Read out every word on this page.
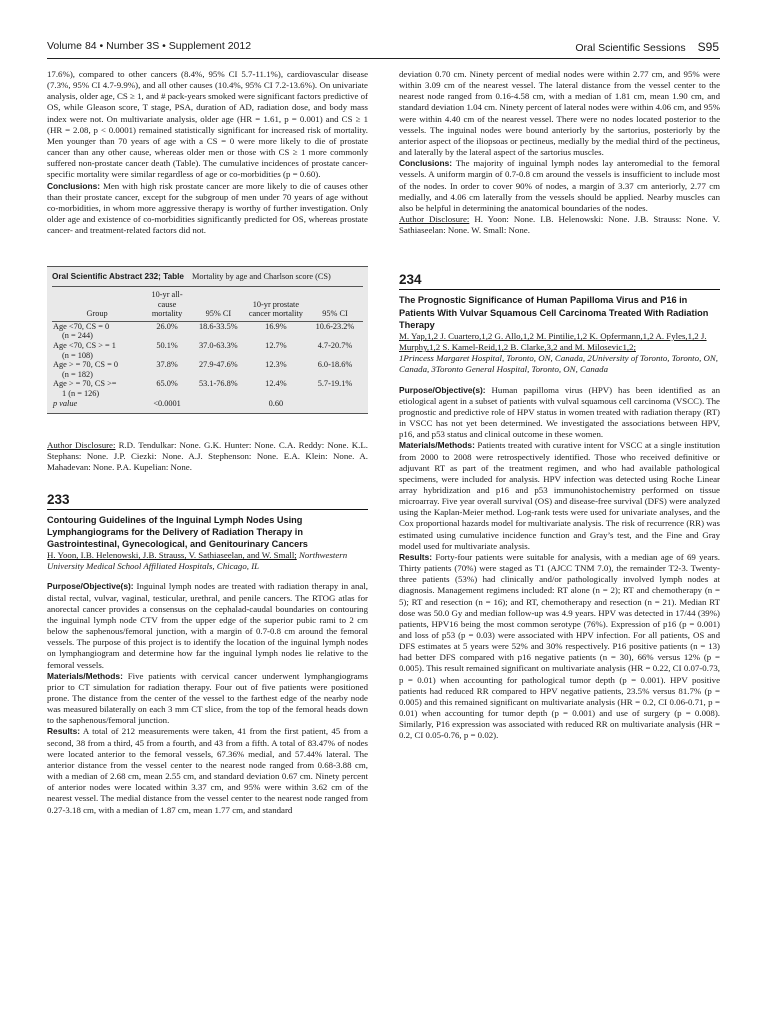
Volume 84 • Number 3S • Supplement 2012	Oral Scientific Sessions S95

17.6%), compared to other cancers (8.4%, 95% CI 5.7-11.1%), cardiovascular disease (7.3%, 95% CI 4.7-9.9%), and all other causes (10.4%, 95% CI 7.2-13.6%). On univariate analysis, older age, CS ≥ 1, and # pack-years smoked were significant factors predictive of OS, while Gleason score, T stage, PSA, duration of AD, radiation dose, and body mass index were not. On multivariate analysis, older age (HR = 1.61, p = 0.001) and CS ≥ 1 (HR = 2.08, p < 0.0001) remained statistically significant for increased risk of mortality. Men younger than 70 years of age with a CS = 0 were more likely to die of prostate cancer than any other cause, whereas older men or those with CS ≥ 1 more commonly suffered non-prostate cancer death (Table). The cumulative incidences of prostate cancer-specific mortality were similar regardless of age or co-morbidities (p = 0.60).

Conclusions: Men with high risk prostate cancer are more likely to die of causes other than their prostate cancer, except for the subgroup of men under 70 years of age without co-morbidities, in whom more aggressive therapy is worthy of further investigation. Only older age and existence of co-morbidities significantly predicted for OS, whereas prostate cancer- and treatment-related factors did not.

Oral Scientific Abstract 232; Table Mortality by age and Charlson score (CS)
Group	10-yr all-cause mortality	95% CI	10-yr prostate cancer mortality	95% CI
Age <70, CS = 0	26.0%	18.6-33.5%	16.9%	10.6-23.2%
(n = 244)				
Age <70, CS > = 1	50.1%	37.0-63.3%	12.7%	4.7-20.7%
(n = 108)				
Age > = 70, CS = 0	37.8%	27.9-47.6%	12.3%	6.0-18.6%
(n = 182)				
Age > = 70, CS >=	65.0%	53.1-76.8%	12.4%	5.7-19.1%
1 (n = 126)				
p value	<0.0001		0.60	

Author Disclosure: R.D. Tendulkar: None. G.K. Hunter: None. C.A. Reddy: None. K.L. Stephans: None. J.P. Ciezki: None. A.J. Stephenson: None. E.A. Klein: None. A. Mahadevan: None. P.A. Kupelian: None.

233
Contouring Guidelines of the Inguinal Lymph Nodes Using Lymphangiograms for the Delivery of Radiation Therapy in Gastrointestinal, Gynecological, and Genitourinary Cancers

H. Yoon, I.B. Helenowski, J.B. Strauss, V. Sathiaseelan, and W. Small; Northwestern University Medical School Affiliated Hospitals, Chicago, IL

Purpose/Objective(s): Inguinal lymph nodes are treated with radiation therapy in anal, distal rectal, vulvar, vaginal, testicular, urethral, and penile cancers. The RTOG atlas for anorectal cancer provides a consensus on the cephalad-caudal boundaries on contouring the inguinal lymph node CTV from the upper edge of the superior pubic rami to 2 cm below the saphenous/femoral junction, with a margin of 0.7-0.8 cm around the femoral vessels. The purpose of this project is to identify the location of the inguinal lymph nodes on lymphangiogram and determine how far the inguinal lymph nodes lie relative to the femoral vessels.

Materials/Methods: Five patients with cervical cancer underwent lymphangiograms prior to CT simulation for radiation therapy. Four out of five patients were positioned prone. The distance from the center of the vessel to the farthest edge of the nearby node was measured bilaterally on each 3 mm CT slice, from the top of the femoral heads down to the saphenous/femoral junction.

Results: A total of 212 measurements were taken, 41 from the first patient, 45 from a second, 38 from a third, 45 from a fourth, and 43 from a fifth. A total of 83.47% of nodes were located anterior to the femoral vessels, 67.36% medial, and 57.44% lateral. The anterior distance from the vessel center to the nearest node ranged from 0.68-3.88 cm, with a median of 2.68 cm, mean 2.55 cm, and standard deviation 0.67 cm. Ninety percent of anterior nodes were located within 3.37 cm, and 95% were within 3.62 cm of the nearest vessel. The medial distance from the vessel center to the nearest node ranged from 0.27-3.18 cm, with a median of 1.87 cm, mean 1.77 cm, and standard

deviation 0.70 cm. Ninety percent of medial nodes were within 2.77 cm, and 95% were within 3.09 cm of the nearest vessel. The lateral distance from the vessel center to the nearest node ranged from 0.16-4.58 cm, with a median of 1.81 cm, mean 1.90 cm, and standard deviation 1.04 cm. Ninety percent of lateral nodes were within 4.06 cm, and 95% were within 4.40 cm of the nearest vessel. There were no nodes located posterior to the vessels. The inguinal nodes were bound anteriorly by the sartorius, posteriorly by the anterior aspect of the iliopsoas or pectineus, medially by the medial third of the pectineus, and laterally by the lateral aspect of the sartorius muscles.

Conclusions: The majority of inguinal lymph nodes lay anteromedial to the femoral vessels. A uniform margin of 0.7-0.8 cm around the vessels is insufficient to include most of the nodes. In order to cover 90% of nodes, a margin of 3.37 cm anteriorly, 2.77 cm medially, and 4.06 cm laterally from the vessels should be applied. Nearby muscles can also be helpful in determining the anatomical boundaries of the nodes.

Author Disclosure: H. Yoon: None. I.B. Helenowski: None. J.B. Strauss: None. V. Sathiaseelan: None. W. Small: None.

234
The Prognostic Significance of Human Papilloma Virus and P16 in Patients With Vulvar Squamous Cell Carcinoma Treated With Radiation Therapy

M. Yap,1,2 J. Cuartero,1,2 G. Allo,1,2 M. Pintilie,1,2 K. Opfermann,1,2 A. Fyles,1,2 J. Murphy,1,2 S. Kamel-Reid,1,2 B. Clarke,3,2 and M. Milosevic1,2;

1Princess Margaret Hospital, Toronto, ON, Canada, 2University of Toronto, Toronto, ON, Canada, 3Toronto General Hospital, Toronto, ON, Canada

Purpose/Objective(s): Human papilloma virus (HPV) has been identified as an etiological agent in a subset of patients with vulval squamous cell carcinoma (VSCC). The prognostic and predictive role of HPV status in women treated with radiation therapy (RT) in VSCC has not yet been determined. We investigated the associations between HPV, p16, and p53 status and clinical outcome in these women.

Materials/Methods: Patients treated with curative intent for VSCC at a single institution from 2000 to 2008 were retrospectively identified. Those who received definitive or adjuvant RT as part of the treatment regimen, and who had available pathological specimens, were included for analysis. HPV infection was detected using Roche Linear array hybridization and p16 and p53 immunohistochemistry performed on tissue microarray. Five year overall survival (OS) and disease-free survival (DFS) were analyzed using the Kaplan-Meier method. Log-rank tests were used for univariate analyses, and the Cox proportional hazards model for multivariate analysis. The risk of recurrence (RR) was estimated using cumulative incidence function and Gray’s test, and the Fine and Gray model used for multivariate analysis.

Results: Forty-four patients were suitable for analysis, with a median age of 69 years. Thirty patients (70%) were staged as T1 (AJCC TNM 7.0), the remainder T2-3. Twenty-three patients (53%) had clinically and/or pathologically involved lymph nodes at diagnosis. Management regimens included: RT alone (n = 2); RT and chemotherapy (n = 5); RT and resection (n = 16); and RT, chemotherapy and resection (n = 21). Median RT dose was 50.0 Gy and median follow-up was 4.9 years. HPV was detected in 17/44 (39%) patients, HPV16 being the most common serotype (76%). Expression of p16 (p = 0.001) and loss of p53 (p = 0.03) were associated with HPV infection. For all patients, OS and DFS estimates at 5 years were 52% and 30% respectively. P16 positive patients (n = 13) had better DFS compared with p16 negative patients (n = 30), 66% versus 12% (p = 0.005). This result remained significant on multivariate analysis (HR = 0.22, CI 0.07-0.73, p = 0.01) when accounting for pathological tumor depth (p = 0.001). HPV positive patients had reduced RR compared to HPV negative patients, 23.5% versus 81.7% (p = 0.005) and this remained significant on multivariate analysis (HR = 0.2, CI 0.06-0.71, p = 0.01) when accounting for tumor depth (p = 0.001) and use of surgery (p = 0.008). Similarly, P16 expression was associated with reduced RR on multivariate analysis (HR = 0.2, CI 0.05-0.76, p = 0.02).
